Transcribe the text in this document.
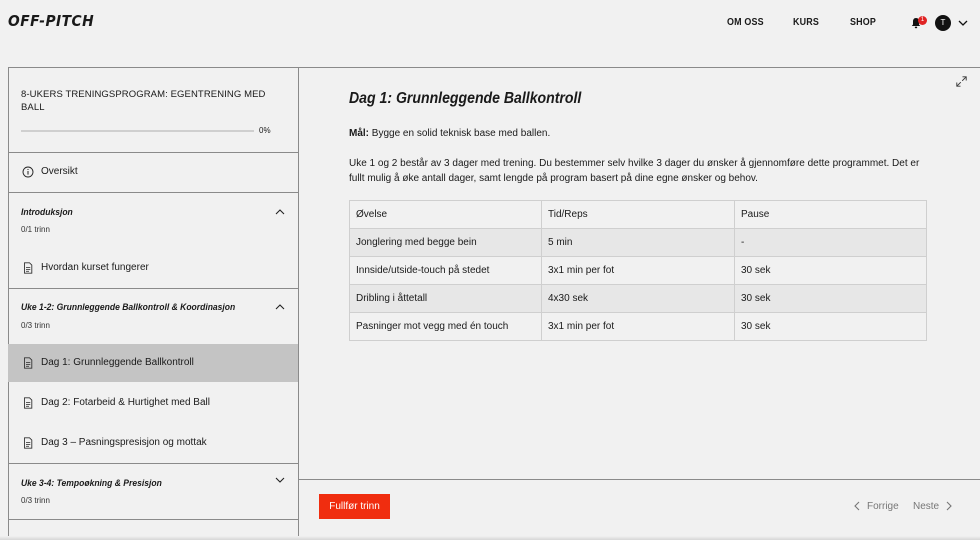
OFF-PITCH	OM OSS	KURS	SHOP	1	T
8-UKERS TRENINGSPROGRAM: EGENTRENING MED BALL
0%
Oversikt
Introduksjon
0/1 trinn
Hvordan kurset fungerer
Uke 1-2: Grunnleggende Ballkontroll & Koordinasjon
0/3 trinn
Dag 1: Grunnleggende Ballkontroll
Dag 2: Fotarbeid & Hurtighet med Ball
Dag 3 – Pasningspresisjon og mottak
Uke 3-4: Tempoøkning & Presisjon
0/3 trinn
Dag 1: Grunnleggende Ballkontroll
Mål: Bygge en solid teknisk base med ballen.
Uke 1 og 2 består av 3 dager med trening. Du bestemmer selv hvilke 3 dager du ønsker å gjennomføre dette programmet. Det er fullt mulig å øke antall dager, samt lengde på program basert på dine egne ønsker og behov.
Øvelse	Tid/Reps	Pause
Jonglering med begge bein	5 min	-
Innside/utside-touch på stedet	3x1 min per fot	30 sek
Dribling i åttetall	4x30 sek	30 sek
Pasninger mot vegg med én touch	3x1 min per fot	30 sek
Fullfør trinn	Forrige Neste
